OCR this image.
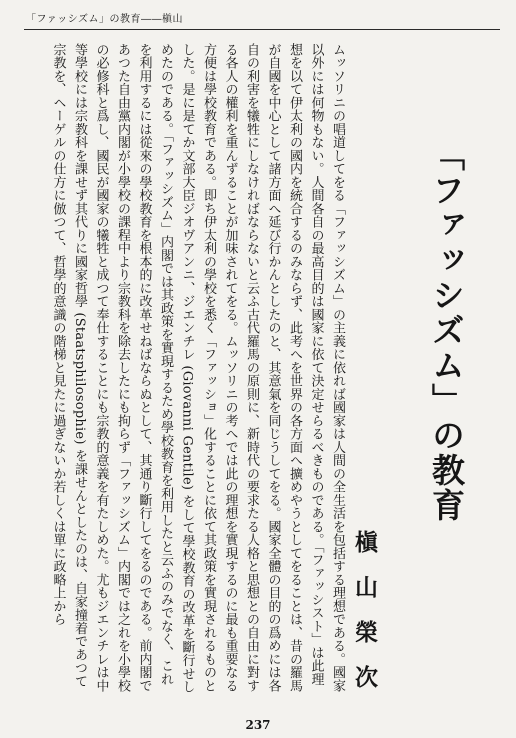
「ファッシズム」の教育――槇山
「ファッシズム」の教育
槇山榮次

ムッソリニの唱道してをる「ファッシズム」の主義に依れば國家は人間の全生活を包括する理想である。國家以外には何物もない。人間各自の最高目的は國家に依て決定せらるべきものである。「ファッシスト」は此理想を以て伊太利の國内を統合するのみならず、此考へを世界の各方面へ擴めやうとしてをることは、昔の羅馬が自國を中心として諸方面へ延び行かんとしたのと、其意氣を同じうしてをる。國家全體の目的の爲めには各自の利害を犧牲にしなければならないと云ふ古代羅馬の原則に、新時代の要求たる人格と思想との自由に對する各人の權利を重んずることが加味されてをる。ムッソリニの考へでは此の理想を實現するのに最も重要なる方便は學校教育である。即ち伊太利の學校を悉く「ファッショ」化することに依て其政策を實現されるものとした。是に是てか文部大臣ジオヴアンニ、ジエンチレ (Giovanni Gentile) をして學校教育の改革を斷行せしめたのである。「ファッシズム」内閣では其政策を實現するため學校教育を利用したと云ふのみでなく、これを利用するには從來の學校教育を根本的に改革せねばならぬとして、其通り斷行してをるのである。前内閣であつた自由黨内閣が小學校の課程中より宗教科を除去したにも拘らず「ファッシズム」内閣では之れを小學校の必修科と爲し、國民が國家の犧牲と成つて奉仕することにも宗教的意義を有たしめた。尤もジエンチレは中等學校には宗教科を課せず其代りに國家哲學 (Staatsphilosophie) を課せんとしたのは、自家撞着であつて宗教を、ヘーゲルの仕方に倣つて、哲學的意識の階梯と見たに過ぎないか若しくは單に政略上から

237
